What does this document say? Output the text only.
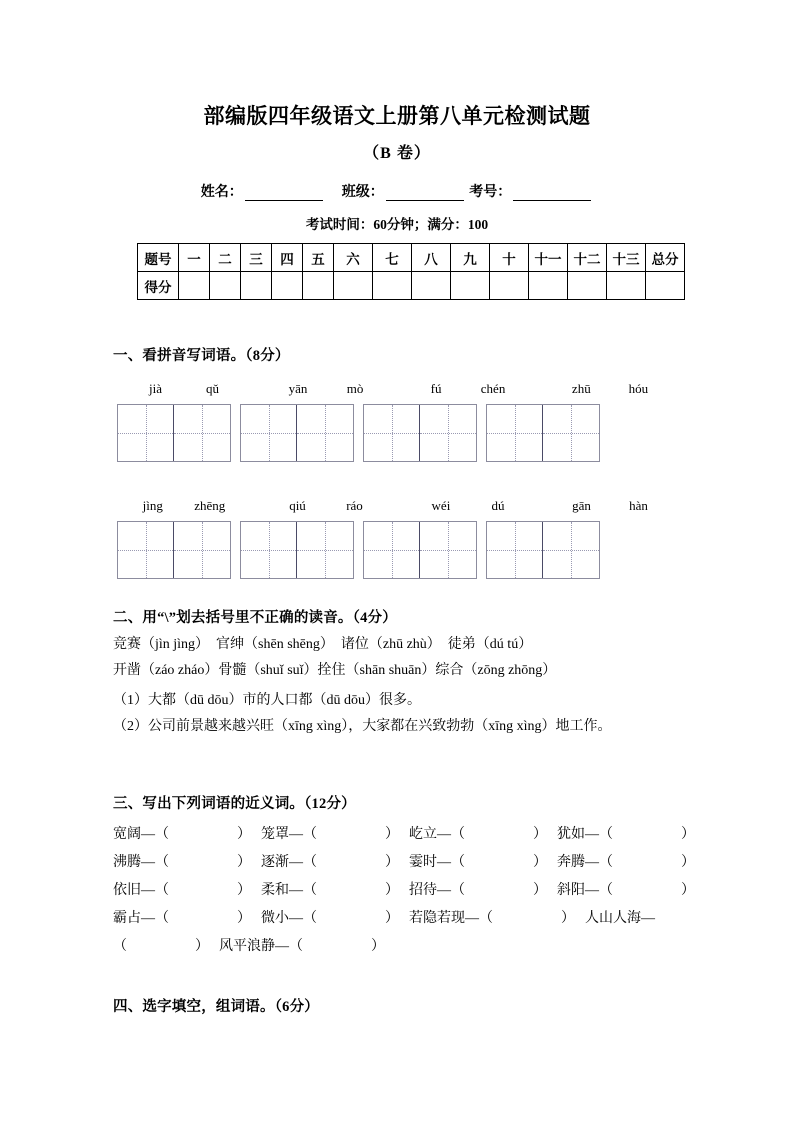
部编版四年级语文上册第八单元检测试题
（B 卷）
姓名：	班级：	考号：
考试时间：60分钟；满分：100
题号	一	二	三	四	五	六	七	八	九	十	十一	十二	十三	总分
得分														
一、看拼音写词语。（8分）
jià	qǔ	yān	mò	fú	chén	zhū	hóu
jìng zhēng	qiú	ráo	wéi	dú	gān	hàn
二、用“\”划去括号里不正确的读音。（4分）
竞赛（jìn jìng）　官绅（shēn shēng）　诸位（zhū zhù）　徒弟（dú tú）
开凿（záo zháo）骨髓（shuǐ suǐ）拴住（shān shuān）综合（zōng zhōng）
（1）大都（dū dōu）市的人口都（dū dōu）很多。
（2）公司前景越来越兴旺（xīng xìng），大家都在兴致勃勃（xīng xìng）地工作。
三、写出下列词语的近义词。（12分）
宽阔—（	） 笼罩—（	） 屹立—（	） 犹如—（	）
沸腾—（	） 逐渐—（	） 霎时—（	） 奔腾—（	）
依旧—（	） 柔和—（	） 招待—（	） 斜阳—（	）
霸占—（	） 微小—（	） 若隐若现—（	） 人山人海—
（	） 风平浪静—（	）
四、选字填空，组词语。（6分）
